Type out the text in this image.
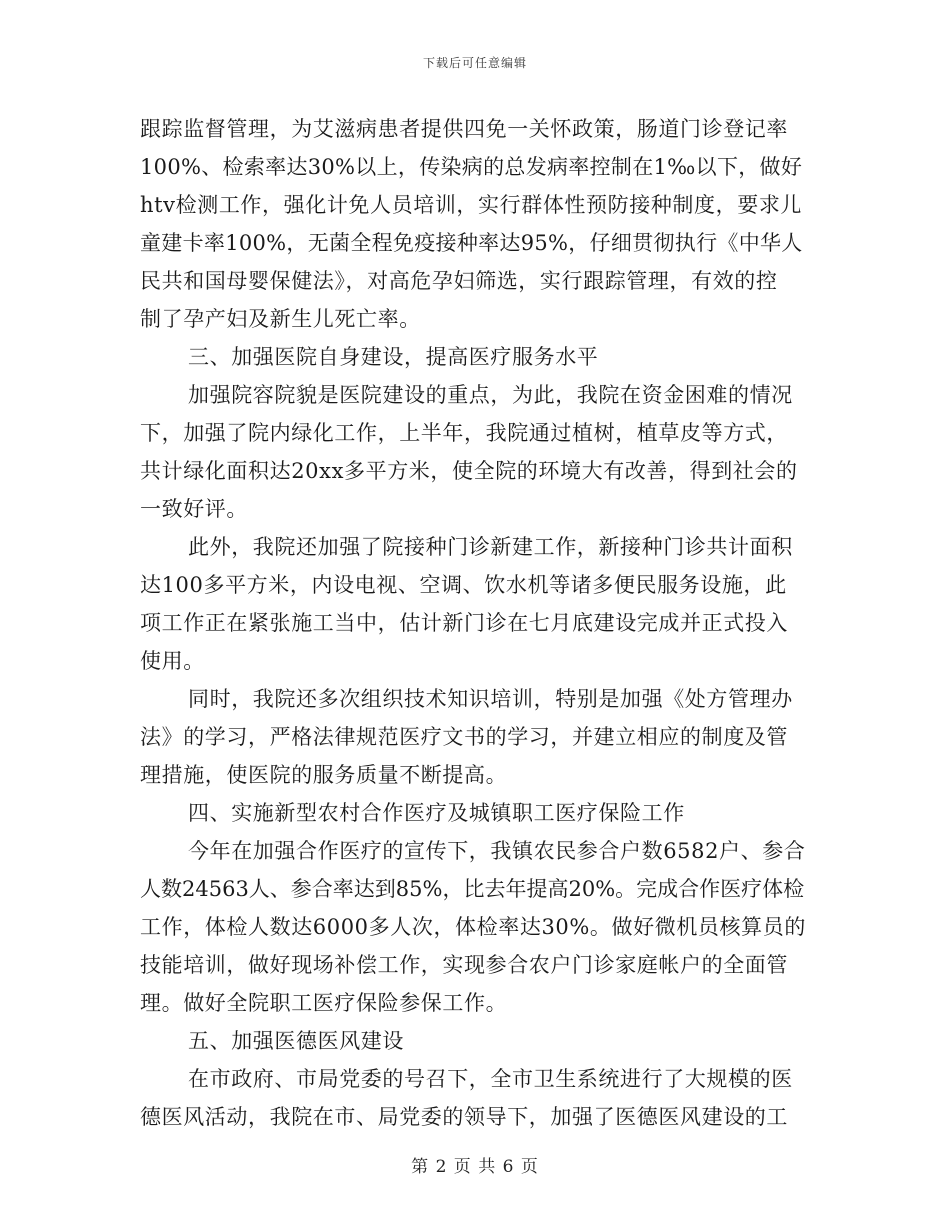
下载后可任意编辑
跟踪监督管理，为艾滋病患者提供四免一关怀政策，肠道门诊登记率
100%、检索率达30%以上，传染病的总发病率控制在1‰以下，做好
htv检测工作，强化计免人员培训，实行群体性预防接种制度，要求儿
童建卡率100%，无菌全程免疫接种率达95%，仔细贯彻执行《中华人
民共和国母婴保健法》，对高危孕妇筛选，实行跟踪管理，有效的控
制了孕产妇及新生儿死亡率。
三、加强医院自身建设，提高医疗服务水平
加强院容院貌是医院建设的重点，为此，我院在资金困难的情况
下，加强了院内绿化工作，上半年，我院通过植树，植草皮等方式，
共计绿化面积达20xx多平方米，使全院的环境大有改善，得到社会的
一致好评。
此外，我院还加强了院接种门诊新建工作，新接种门诊共计面积
达100多平方米，内设电视、空调、饮水机等诸多便民服务设施，此
项工作正在紧张施工当中，估计新门诊在七月底建设完成并正式投入
使用。
同时，我院还多次组织技术知识培训，特别是加强《处方管理办
法》的学习，严格法律规范医疗文书的学习，并建立相应的制度及管
理措施，使医院的服务质量不断提高。
四、实施新型农村合作医疗及城镇职工医疗保险工作
今年在加强合作医疗的宣传下，我镇农民参合户数6582户、参合
人数24563人、参合率达到85%，比去年提高20%。完成合作医疗体检
工作，体检人数达6000多人次，体检率达30%。做好微机员核算员的
技能培训，做好现场补偿工作，实现参合农户门诊家庭帐户的全面管
理。做好全院职工医疗保险参保工作。
五、加强医德医风建设
在市政府、市局党委的号召下，全市卫生系统进行了大规模的医
德医风活动，我院在市、局党委的领导下，加强了医德医风建设的工
第 2 页 共 6 页
